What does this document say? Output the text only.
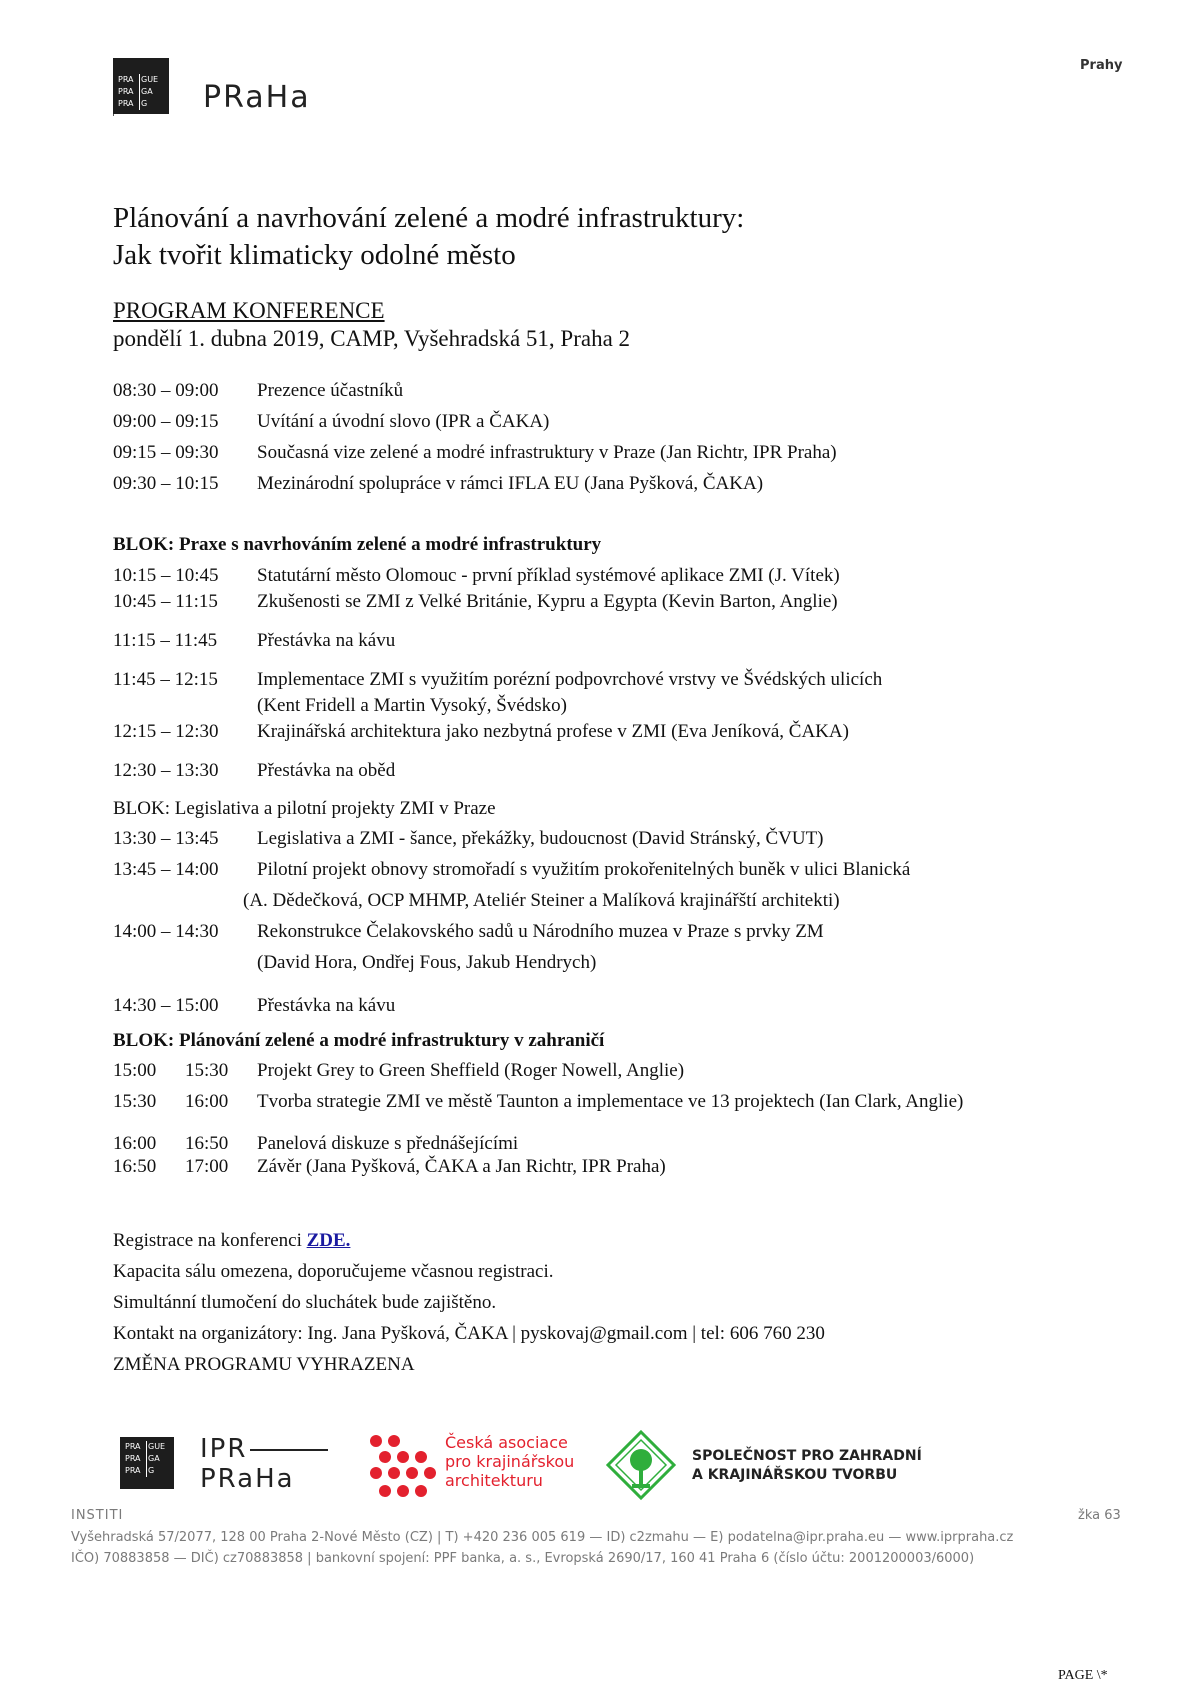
PRA GUE
PRA GA
PRA G	PRaHa
Prahy
Plánování a navrhování zelené a modré infrastruktury:
Jak tvořit klimaticky odolné město
PROGRAM KONFERENCE
pondělí 1. dubna 2019, CAMP, Vyšehradská 51, Praha 2
08:30 – 09:00 Prezence účastníků
09:00 – 09:15 Uvítání a úvodní slovo (IPR a ČAKA)
09:15 – 09:30 Současná vize zelené a modré infrastruktury v Praze (Jan Richtr, IPR Praha)
09:30 – 10:15 Mezinárodní spolupráce v rámci IFLA EU (Jana Pyšková, ČAKA)
BLOK: Praxe s navrhováním zelené a modré infrastruktury
10:15 – 10:45 Statutární město Olomouc - první příklad systémové aplikace ZMI (J. Vítek)
10:45 – 11:15 Zkušenosti se ZMI z Velké Británie, Kypru a Egypta (Kevin Barton, Anglie)
11:15 – 11:45 Přestávka na kávu
11:45 – 12:15 Implementace ZMI s využitím porézní podpovrchové vrstvy ve Švédských ulicích
(Kent Fridell a Martin Vysoký, Švédsko)
12:15 – 12:30 Krajinářská architektura jako nezbytná profese v ZMI (Eva Jeníková, ČAKA)
12:30 – 13:30 Přestávka na oběd
BLOK: Legislativa a pilotní projekty ZMI v Praze
13:30 – 13:45 Legislativa a ZMI - šance, překážky, budoucnost (David Stránský, ČVUT)
13:45 – 14:00 Pilotní projekt obnovy stromořadí s využitím prokořenitelných buněk v ulici Blanická
(A. Dědečková, OCP MHMP, Ateliér Steiner a Malíková krajinářští architekti)
14:00 – 14:30 Rekonstrukce Čelakovského sadů u Národního muzea v Praze s prvky ZM
(David Hora, Ondřej Fous, Jakub Hendrych)
14:30 – 15:00 Přestávka na kávu
BLOK: Plánování zelené a modré infrastruktury v zahraničí
15:00 15:30 Projekt Grey to Green Sheffield (Roger Nowell, Anglie)
15:30 16:00 Tvorba strategie ZMI ve městě Taunton a implementace ve 13 projektech (Ian Clark, Anglie)
16:00 16:50 Panelová diskuze s přednášejícími
16:50 17:00 Závěr (Jana Pyšková, ČAKA a Jan Richtr, IPR Praha)
Registrace na konferenci ZDE.
Kapacita sálu omezena, doporučujeme včasnou registraci.
Simultánní tlumočení do sluchátek bude zajištěno.
Kontakt na organizátory: Ing. Jana Pyšková, ČAKA | pyskovaj@gmail.com | tel: 606 760 230
ZMĚNA PROGRAMU VYHRAZENA
PRA GUE
PRA GA
PRA G
IPR
PRaHa
Česká asociace
pro krajinářskou
architekturu
SPOLEČNOST PRO ZAHRADNÍ
A KRAJINÁŘSKOU TVORBU
INSTITI	žka 63
Vyšehradská 57/2077, 128 00 Praha 2-Nové Město (CZ) | T) +420 236 005 619 — ID) c2zmahu — E) podatelna@ipr.praha.eu — www.iprpraha.cz
IČO) 70883858 — DIČ) cz70883858 | bankovní spojení: PPF banka, a. s., Evropská 2690/17, 160 41 Praha 6 (číslo účtu: 2001200003/6000)
PAGE \*
